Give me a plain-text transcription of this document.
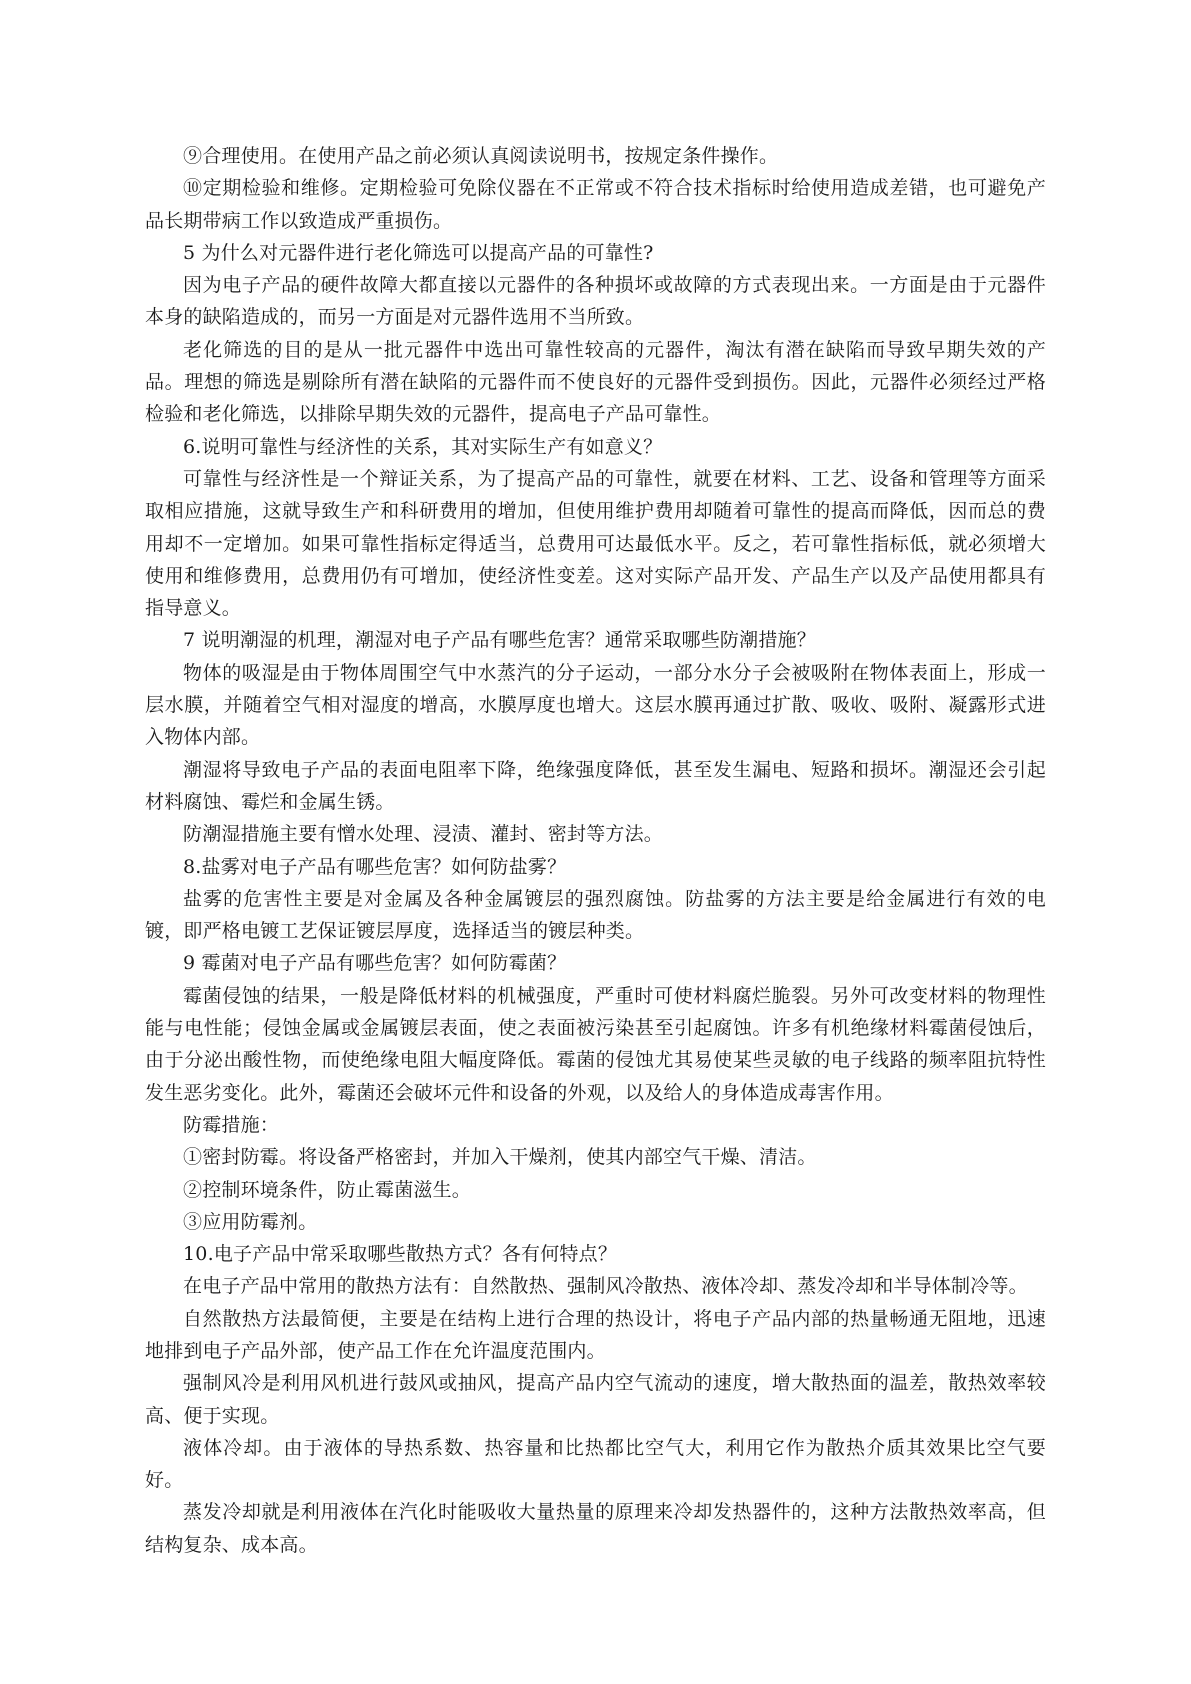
⑨合理使用。在使用产品之前必须认真阅读说明书，按规定条件操作。

⑩定期检验和维修。定期检验可免除仪器在不正常或不符合技术指标时给使用造成差错，也可避免产品长期带病工作以致造成严重损伤。

5 为什么对元器件进行老化筛选可以提高产品的可靠性?

因为电子产品的硬件故障大都直接以元器件的各种损坏或故障的方式表现出来。一方面是由于元器件本身的缺陷造成的，而另一方面是对元器件选用不当所致。

老化筛选的目的是从一批元器件中选出可靠性较高的元器件，淘汰有潜在缺陷而导致早期失效的产品。理想的筛选是剔除所有潜在缺陷的元器件而不使良好的元器件受到损伤。因此，元器件必须经过严格检验和老化筛选，以排除早期失效的元器件，提高电子产品可靠性。

6.说明可靠性与经济性的关系，其对实际生产有如意义？

可靠性与经济性是一个辩证关系，为了提高产品的可靠性，就要在材料、工艺、设备和管理等方面采取相应措施，这就导致生产和科研费用的增加，但使用维护费用却随着可靠性的提高而降低，因而总的费用却不一定增加。如果可靠性指标定得适当，总费用可达最低水平。反之，若可靠性指标低，就必须增大使用和维修费用，总费用仍有可增加，使经济性变差。这对实际产品开发、产品生产以及产品使用都具有指导意义。

7 说明潮湿的机理，潮湿对电子产品有哪些危害？通常采取哪些防潮措施？

物体的吸湿是由于物体周围空气中水蒸汽的分子运动，一部分水分子会被吸附在物体表面上，形成一层水膜，并随着空气相对湿度的增高，水膜厚度也增大。这层水膜再通过扩散、吸收、吸附、凝露形式进入物体内部。

潮湿将导致电子产品的表面电阻率下降，绝缘强度降低，甚至发生漏电、短路和损坏。潮湿还会引起材料腐蚀、霉烂和金属生锈。

防潮湿措施主要有憎水处理、浸渍、灌封、密封等方法。

8.盐雾对电子产品有哪些危害？如何防盐雾？

盐雾的危害性主要是对金属及各种金属镀层的强烈腐蚀。防盐雾的方法主要是给金属进行有效的电镀，即严格电镀工艺保证镀层厚度，选择适当的镀层种类。

9 霉菌对电子产品有哪些危害？如何防霉菌？

霉菌侵蚀的结果，一般是降低材料的机械强度，严重时可使材料腐烂脆裂。另外可改变材料的物理性能与电性能；侵蚀金属或金属镀层表面，使之表面被污染甚至引起腐蚀。许多有机绝缘材料霉菌侵蚀后，由于分泌出酸性物，而使绝缘电阻大幅度降低。霉菌的侵蚀尤其易使某些灵敏的电子线路的频率阻抗特性发生恶劣变化。此外，霉菌还会破坏元件和设备的外观，以及给人的身体造成毒害作用。

防霉措施：

①密封防霉。将设备严格密封，并加入干燥剂，使其内部空气干燥、清洁。

②控制环境条件，防止霉菌滋生。

③应用防霉剂。

10.电子产品中常采取哪些散热方式？各有何特点？

在电子产品中常用的散热方法有：自然散热、强制风冷散热、液体冷却、蒸发冷却和半导体制冷等。

自然散热方法最简便，主要是在结构上进行合理的热设计，将电子产品内部的热量畅通无阻地，迅速地排到电子产品外部，使产品工作在允许温度范围内。

强制风冷是利用风机进行鼓风或抽风，提高产品内空气流动的速度，增大散热面的温差，散热效率较高、便于实现。

液体冷却。由于液体的导热系数、热容量和比热都比空气大，利用它作为散热介质其效果比空气要好。

蒸发冷却就是利用液体在汽化时能吸收大量热量的原理来冷却发热器件的，这种方法散热效率高，但结构复杂、成本高。
